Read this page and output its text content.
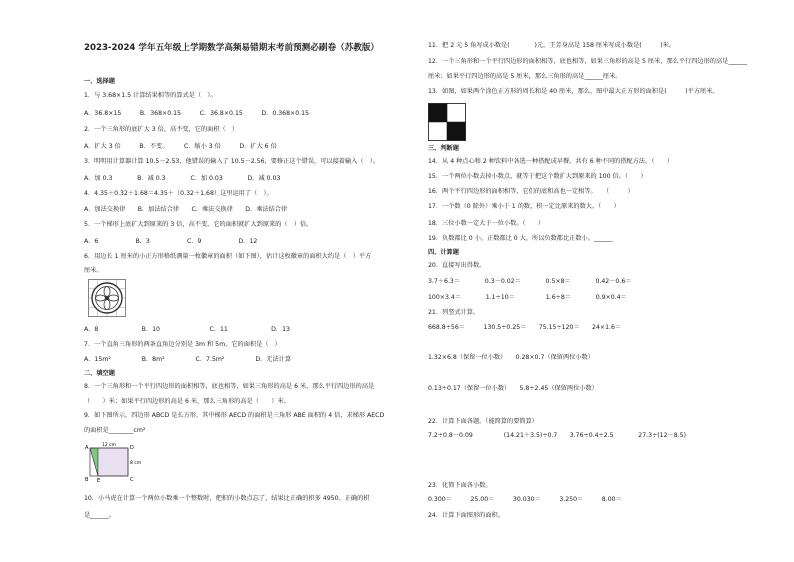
2023-2024 学年五年级上学期数学高频易错期末考前预测必刷卷（苏教版）
一、选择题
1．与 3.68×1.5 计算结果相等的算式是（　）。
A．36.8×15　　　B．368×0.15　　　C．36.8×0.15　　　D．0.368×0.15
2．一个三角形的底扩大 3 倍，高不变，它的面积（　）
A．扩大 3 倍　　　B．不变。　　　C．缩小 3 倍　　　D．扩大 6 倍
3．明明用计算器计算 10.5－2.53，他错误的输入了 10.5－2.56，要修正这个错误，可以接着输入（　）。
A．加 0.3　　　　B．减 0.3　　　　C．加 0.03　　　　D．减 0.03
4．4.35＋0.32＋1.68＝4.35＋（0.32＋1.68）这里运用了（　）。
A．加法交换律　　B．加法结合律　　C．乘法交换律　　D．乘法结合律
5．一个梯形上底扩大到原来的 3 倍，高不变，它的面积就扩大到原来的（　）倍。
A．6　　　　　　B．3　　　　　　C．9　　　　　　D．12
6．用边长 1 厘米的小正方形格纸测量一枚徽章的面积（如下图），估计这枚徽章的面积大约是（　）平方
厘米。
A．8　　　　　　　B．10　　　　　　　　C．11　　　　　　　D．13
7．一个直角三角形的两条直角边分别是 3m 和 5m，它的面积是（　）
A．15m²　　　　　B．8m²　　　　　C．7.5m²　　　　　D．无法计算
二、填空题
8．一个三角形和一个平行四边形的面积相等，底也相等，如果三角形的高是 6 米，那么平行四边形的高是
（　　）米；如果平行四边形的高是 6 米，那么三角形的高是（　　）米。
9．如下图所示，四边形 ABCD 是长方形，其中梯形 AECD 的面积是三角形 ABE 面积的 4 倍，求梯形 AECD
的面积是________cm²
10．小马虎在计算一个两位小数乘一个整数时，把积的小数点忘了，结果比正确的积多 4950。正确的积
是______。
11．把 2 元 5 角写成小数是(　　　　)元。王芳身高是 158 厘米写成小数是(　　　)米。
12．一个三角形和一个平行四边形的面积相等，底也相等，如果三角形的高是 5 厘米，那么平行四边形的高是______
厘米；如果平行四边形的高是 5 厘米，那么三角形的高是______厘米。
13．如图，如果两个涂色正方形的周长和是 40 厘米，那么，图中最大正方形的面积是(　　　)平方厘米。
三、判断题
14．从 4 种点心和 2 种饮料中各选一种搭配成早餐，共有 6 种不同的搭配方法。（　　）
15．一个两位小数去掉小数点，就等于把这个数扩大到原来的 100 倍。（　　）
16．两个平行四边形的面积相等，它们的底和高也一定相等。　　（　　　）
17．一个数（0 除外）乘小于 1 的数，积一定比原来的数大。（　　）
18．三位小数一定大于一位小数。（　　）
19．负数都比 0 小，正数都比 0 大，所以负数都比正数小。______
四、计算题
20．直接写出得数。
3.7＋6.3＝　　　　0.3－0.02＝　　　　0.5×8＝　　　　0.42－0.6＝
100×3.4＝　　　　1.1÷10＝　　　　　1.6÷8＝　　　　0.9×0.4＝
21．列竖式计算。
668.8÷56＝　　　130.5÷0.25＝　　75.15÷120＝　　24×1.6＝
1.32×6.8（保留一位小数）　　0.28×0.7（保留两位小数）
0.13÷0.17（保留一位小数）　　5.8÷2.45（保留两位小数）
22．计算下面各题。（能简算的要简算）
7.2÷0.8－0.09　　　　　(14.21＋3.5)÷0.7　　3.76÷0.4÷2.5　　　　27.3÷(12－8.5)
23．化简下面各小数。
0.300＝　　　25.00＝　　　30.030＝　　　3.250＝　　　8.00＝
24．计算下面图形的面积。
A	D
B E	C
12 cm
8 cm
